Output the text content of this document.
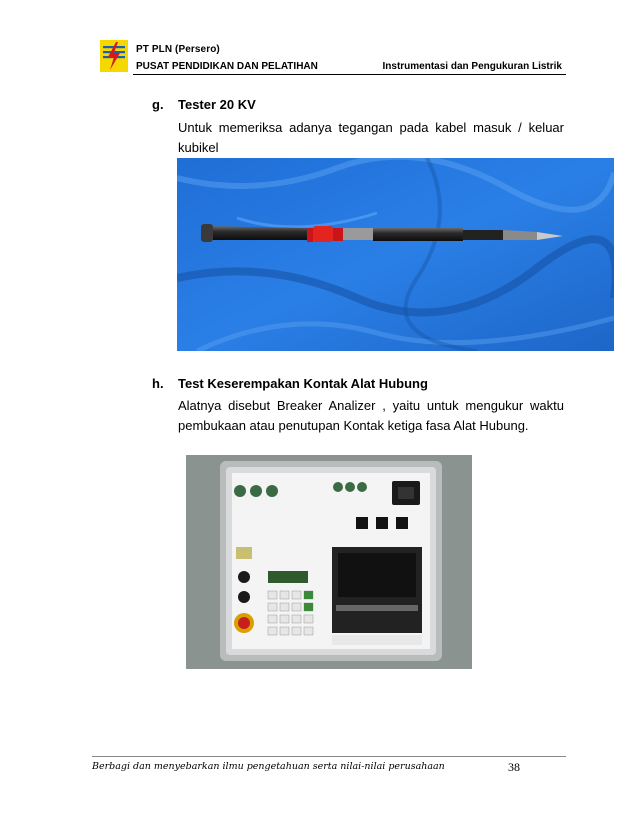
PT PLN (Persero)
PUSAT PENDIDIKAN DAN PELATIHAN	Instrumentasi dan Pengukuran Listrik
g. Tester 20 KV
Untuk memeriksa adanya tegangan pada kabel masuk / keluar kubikel
h. Test Keserempakan Kontak Alat Hubung
Alatnya disebut Breaker Analizer , yaitu untuk mengukur waktu pembukaan atau penutupan Kontak ketiga fasa Alat Hubung.
Berbagi dan menyebarkan ilmu pengetahuan serta nilai-nilai perusahaan	38
